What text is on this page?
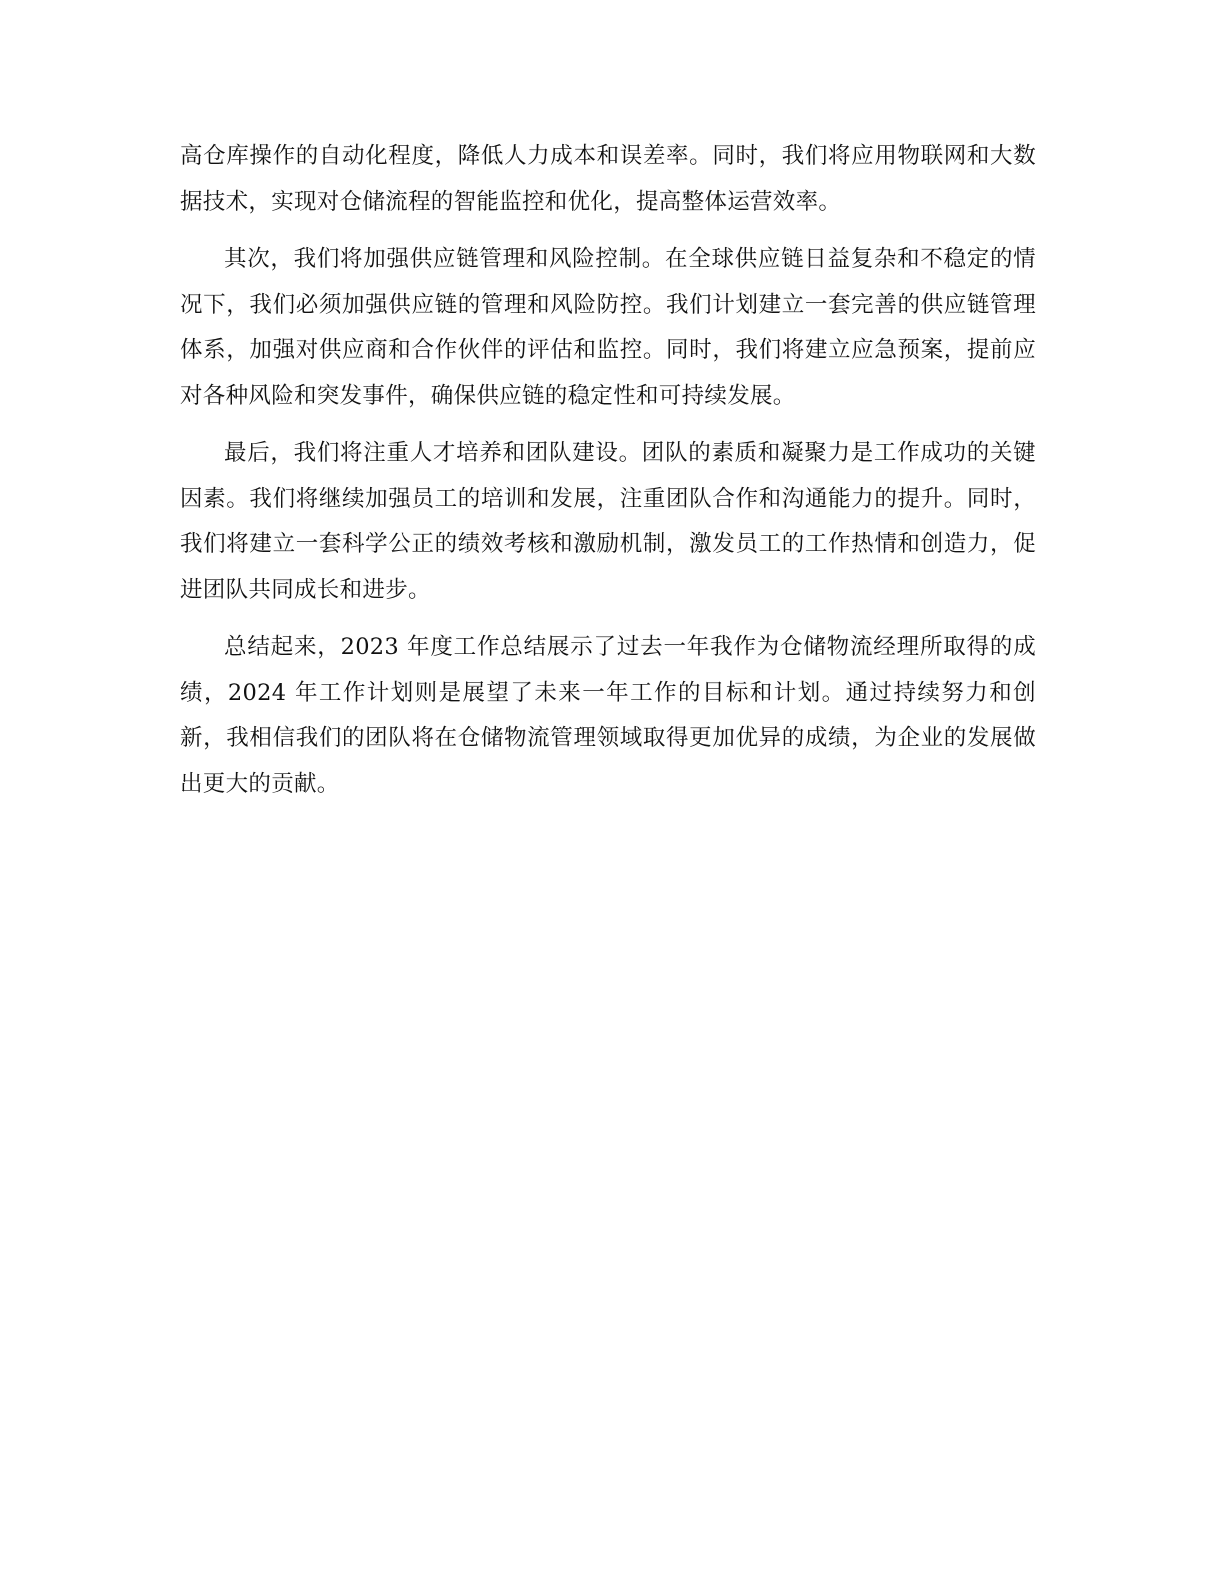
高仓库操作的自动化程度，降低人力成本和误差率。同时，我们将应用物联网和大数据技术，实现对仓储流程的智能监控和优化，提高整体运营效率。

其次，我们将加强供应链管理和风险控制。在全球供应链日益复杂和不稳定的情况下，我们必须加强供应链的管理和风险防控。我们计划建立一套完善的供应链管理体系，加强对供应商和合作伙伴的评估和监控。同时，我们将建立应急预案，提前应对各种风险和突发事件，确保供应链的稳定性和可持续发展。

最后，我们将注重人才培养和团队建设。团队的素质和凝聚力是工作成功的关键因素。我们将继续加强员工的培训和发展，注重团队合作和沟通能力的提升。同时，我们将建立一套科学公正的绩效考核和激励机制，激发员工的工作热情和创造力，促进团队共同成长和进步。

总结起来，2023 年度工作总结展示了过去一年我作为仓储物流经理所取得的成绩，2024 年工作计划则是展望了未来一年工作的目标和计划。通过持续努力和创新，我相信我们的团队将在仓储物流管理领域取得更加优异的成绩，为企业的发展做出更大的贡献。
